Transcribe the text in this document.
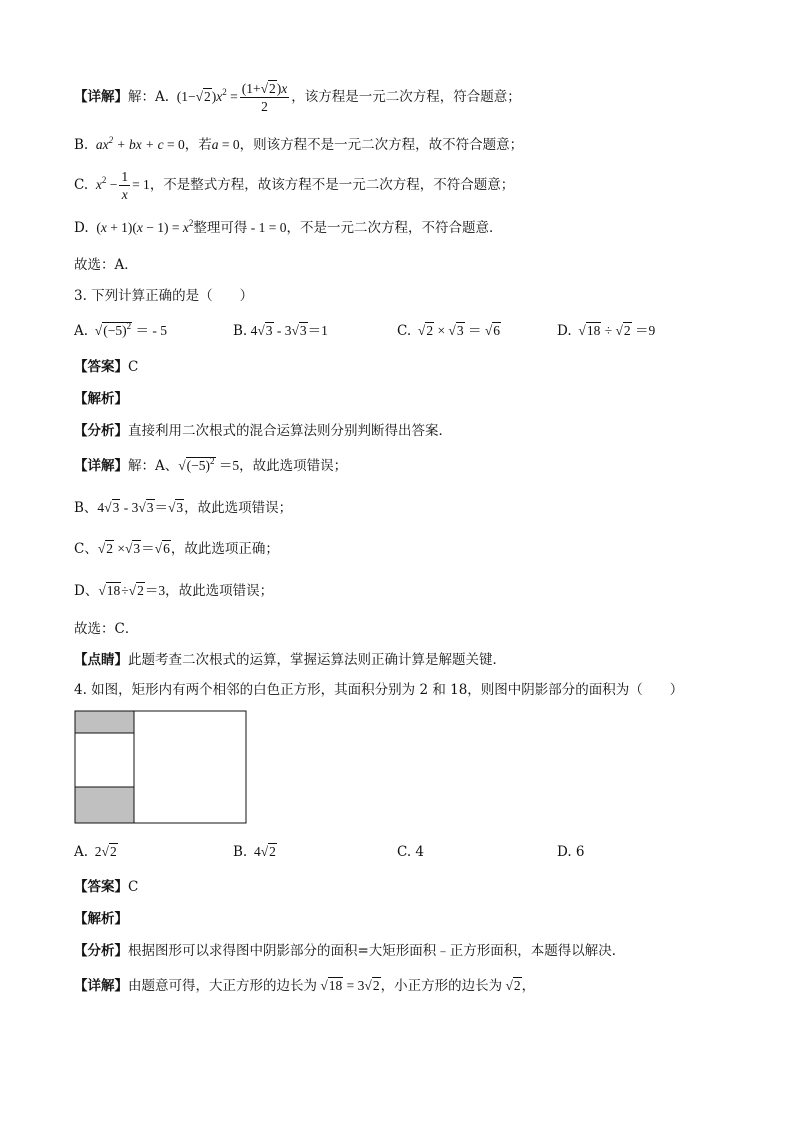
【详解】解：A.  $(1-√2)x^2 = \frac{(1+√2)x}{2}$ ，该方程是一元二次方程，符合题意；
B.  $ax^2$ + bx + c = 0，若a = 0，则该方程不是一元二次方程，故不符合题意；
C.  $x^2 - \frac{1}{x} = 1$，不是整式方程，故该方程不是一元二次方程，不符合题意；
D.  $(x + 1)(x - 1) = x^2$整理可得 - 1 = 0，不是一元二次方程，不符合题意．
故选：A．
3. 下列计算正确的是（　　）
A.  $√(-5)^2$ ＝ - 5	B. 4√3 - 3√3＝1	C.  √2 × √3 ＝ √6	D.  √18 ÷ √2 ＝9
【答案】C
【解析】
【分析】直接利用二次根式的混合运算法则分别判断得出答案．
【详解】解：A、$√(-5)^2 =5$，故此选项错误；
B、4√3 - 3√3＝√3，故此选项错误；
C、√2 ×√3＝√6，故此选项正确；
D、√18÷√2＝3，故此选项错误；
故选：C．
【点睛】此题考查二次根式的运算，掌握运算法则正确计算是解题关键．
4. 如图，矩形内有两个相邻的白色正方形，其面积分别为 2 和 18，则图中阴影部分的面积为（　　）
A.  2√2	B.  4√2	C. 4	D. 6
【答案】C
【解析】
【分析】根据图形可以求得图中阴影部分的面积=大矩形面积﹣正方形面积，本题得以解决．
【详解】由题意可得，大正方形的边长为 √18 = 3√2，小正方形的边长为 √2，
